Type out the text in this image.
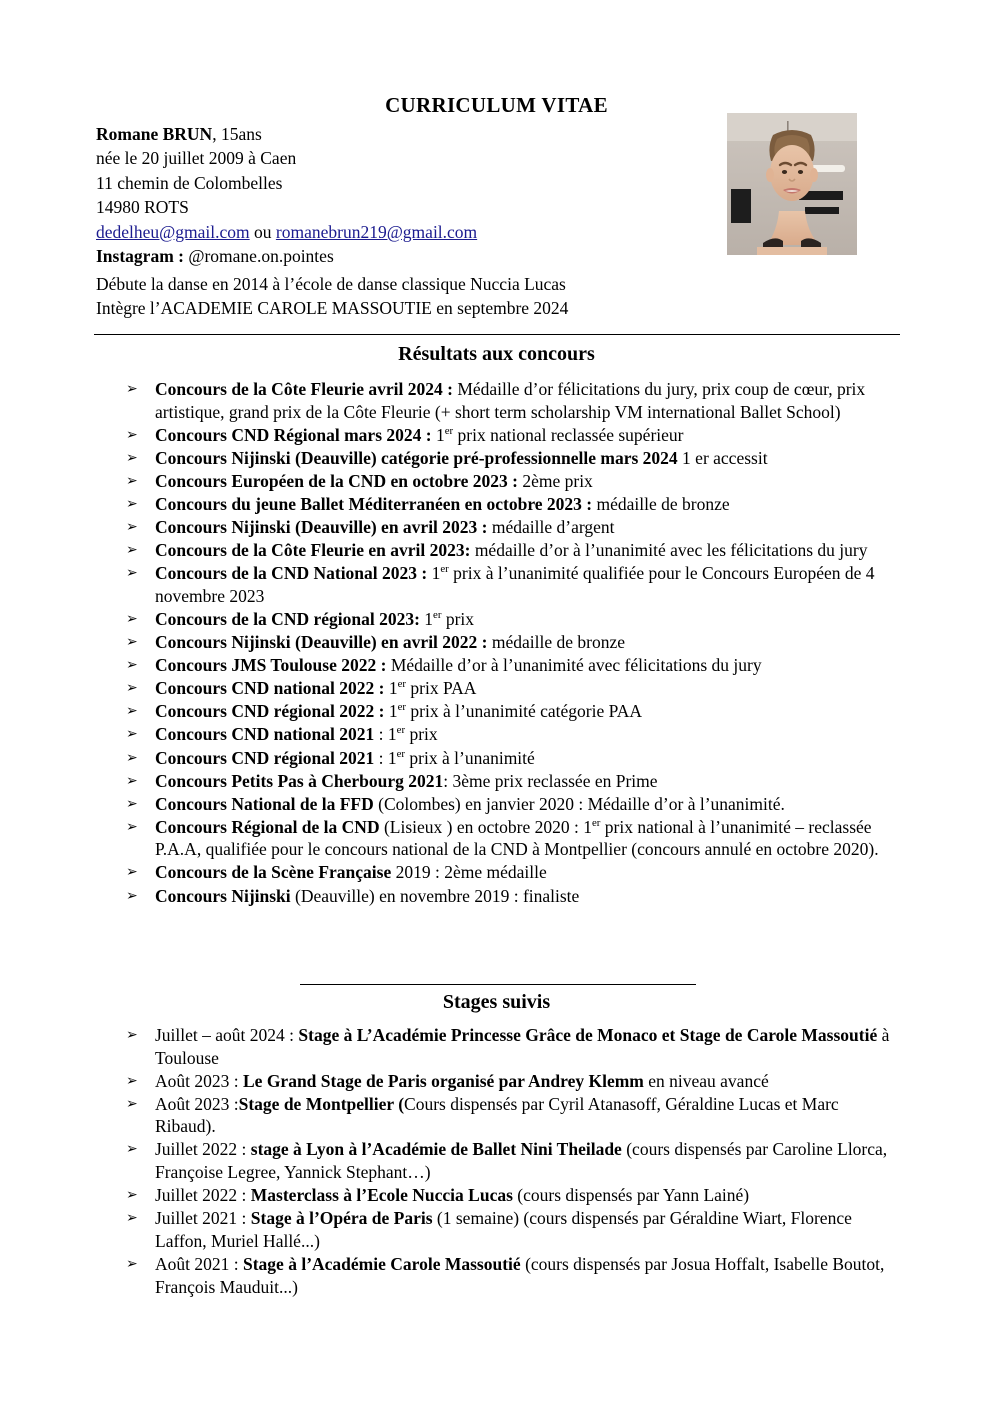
CURRICULUM VITAE
Romane BRUN, 15ans
née le 20 juillet 2009 à Caen
11 chemin de Colombelles
14980 ROTS
dedelheu@gmail.com ou romanebrun219@gmail.com
Instagram : @romane.on.pointes
Débute la danse en 2014 à l’école de danse classique Nuccia Lucas
Intègre l’ACADEMIE CAROLE MASSOUTIE en septembre 2024
Résultats aux concours
➢ Concours de la Côte Fleurie avril 2024 : Médaille d’or félicitations du jury, prix coup de cœur, prix artistique, grand prix de la Côte Fleurie (+ short term scholarship VM international Ballet School)
➢ Concours CND Régional mars 2024 : 1er prix national reclassée supérieur
➢ Concours Nijinski (Deauville) catégorie pré-professionnelle mars 2024 1 er accessit
➢ Concours Européen de la CND en octobre 2023 : 2ème prix
➢ Concours du jeune Ballet Méditerranéen en octobre 2023 : médaille de bronze
➢ Concours Nijinski (Deauville) en avril 2023 : médaille d’argent
➢ Concours de la Côte Fleurie en avril 2023: médaille d’or à l’unanimité avec les félicitations du jury
➢ Concours de la CND National 2023 : 1er prix à l’unanimité qualifiée pour le Concours Européen de 4 novembre 2023
➢ Concours de la CND régional 2023: 1er prix
➢ Concours Nijinski (Deauville) en avril 2022 : médaille de bronze
➢ Concours JMS Toulouse 2022 : Médaille d’or à l’unanimité avec félicitations du jury
➢ Concours CND national 2022 : 1er prix PAA
➢ Concours CND régional 2022 : 1er prix à l’unanimité catégorie PAA
➢ Concours CND national 2021 : 1er prix
➢ Concours CND régional 2021 : 1er prix à l’unanimité
➢ Concours Petits Pas à Cherbourg 2021: 3ème prix reclassée en Prime
➢ Concours National de la FFD (Colombes) en janvier 2020 : Médaille d’or à l’unanimité.
➢ Concours Régional de la CND (Lisieux ) en octobre 2020 : 1er prix national à l’unanimité – reclassée P.A.A, qualifiée pour le concours national de la CND à Montpellier (concours annulé en octobre 2020).
➢ Concours de la Scène Française 2019 : 2ème médaille
➢ Concours Nijinski (Deauville) en novembre 2019 : finaliste
Stages suivis
➢ Juillet – août 2024 : Stage à L’Académie Princesse Grâce de Monaco et Stage de Carole Massoutié à Toulouse
➢ Août 2023 : Le Grand Stage de Paris organisé par Andrey Klemm en niveau avancé
➢ Août 2023 :Stage de Montpellier (Cours dispensés par Cyril Atanasoff, Géraldine Lucas et Marc Ribaud).
➢ Juillet 2022 : stage à Lyon à l’Académie de Ballet Nini Theilade (cours dispensés par Caroline Llorca, Françoise Legree, Yannick Stephant…)
➢ Juillet 2022 : Masterclass à l’Ecole Nuccia Lucas (cours dispensés par Yann Lainé)
➢ Juillet 2021 : Stage à l’Opéra de Paris (1 semaine) (cours dispensés par Géraldine Wiart, Florence Laffon, Muriel Hallé...)
➢ Août 2021 : Stage à l’Académie Carole Massoutié (cours dispensés par Josua Hoffalt, Isabelle Boutot, François Mauduit...)
